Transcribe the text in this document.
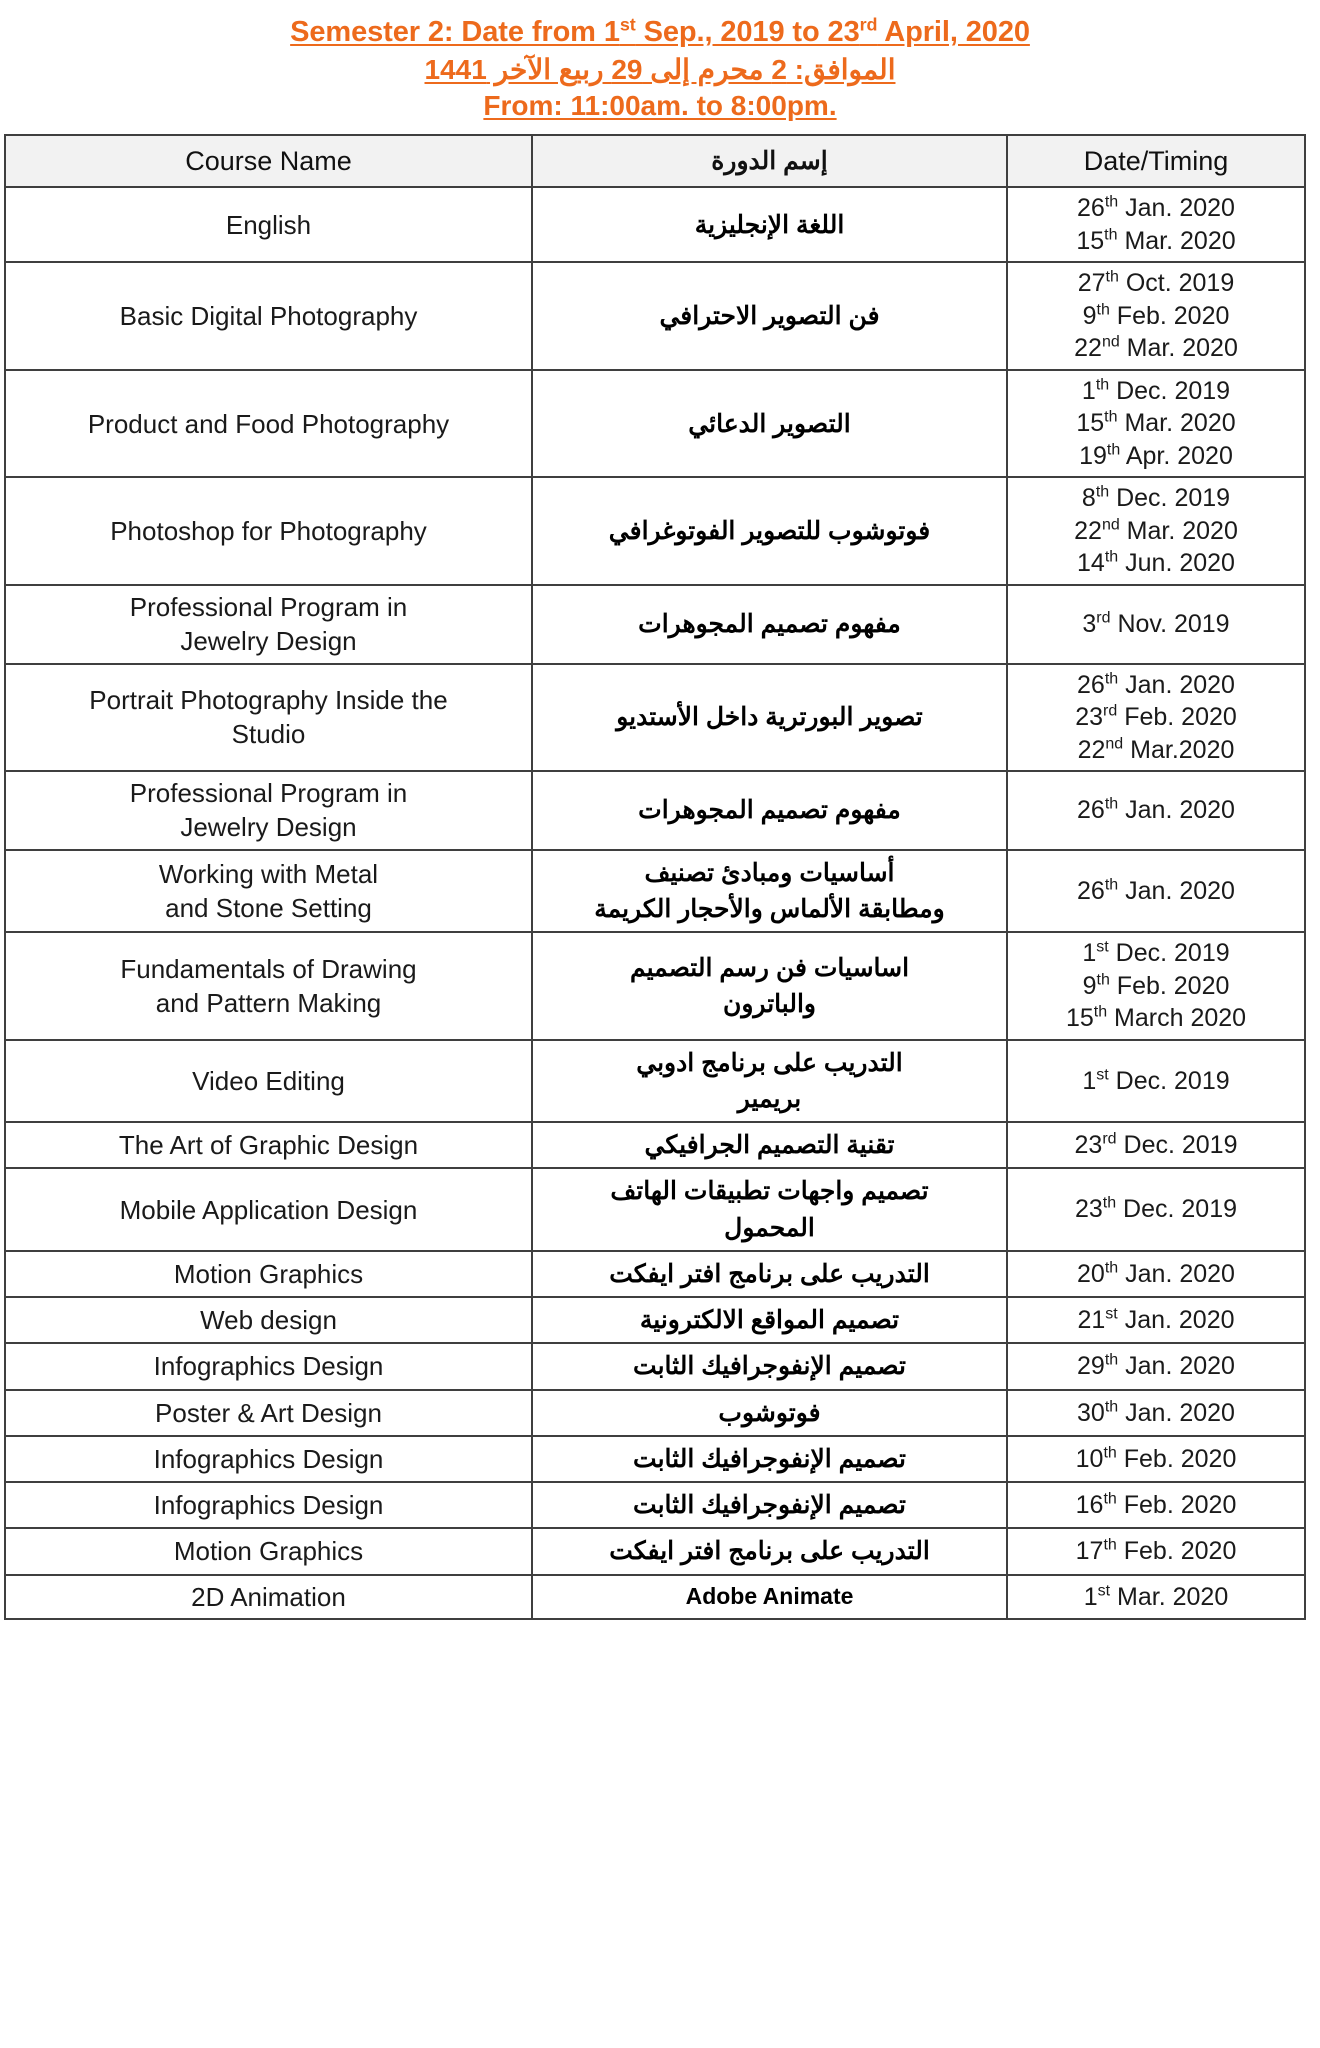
Semester 2: Date from 1st Sep., 2019 to 23rd April, 2020
الموافق: 2 محرم إلى 29 ربيع الآخر 1441
From: 11:00am. to 8:00pm.
Course Name	إسم الدورة	Date/Timing
English	اللغة الإنجليزية	26th Jan. 2020
15th Mar. 2020

Basic Digital Photography	فن التصوير الاحترافي	27th Oct. 2019
9th Feb. 2020
22nd Mar. 2020

Product and Food Photography	التصوير الدعائي	1th Dec. 2019
15th Mar. 2020
19th Apr. 2020

Photoshop for Photography	فوتوشوب للتصوير الفوتوغرافي	8th Dec. 2019
22nd Mar. 2020
14th Jun. 2020

Professional Program in
Jewelry Design	مفهوم تصميم المجوهرات	3rd Nov. 2019

Portrait Photography Inside the
Studio	تصوير البورترية داخل الأستديو	
26th Jan. 2020
23rd Feb. 2020
22nd Mar.2020

Professional Program in
Jewelry Design	مفهوم تصميم المجوهرات	26th Jan. 2020

Working with Metal
and Stone Setting	أساسيات ومبادئ تصنيف
ومطابقة الألماس والأحجار الكريمة	26th Jan. 2020

Fundamentals of Drawing
and Pattern Making	اساسيات فن رسم التصميم
والباترون	
1st Dec. 2019
9th Feb. 2020
15th March 2020

Video Editing	التدريب على برنامج ادوبي
بريمير	1st Dec. 2019

The Art of Graphic Design	تقنية التصميم الجرافيكي	23rd Dec. 2019

Mobile Application Design	تصميم واجهات تطبيقات الهاتف
المحمول	23th Dec. 2019

Motion Graphics	التدريب على برنامج افتر ايفكت	20th Jan. 2020

Web design	تصميم المواقع الالكترونية	21st Jan. 2020

Infographics Design	تصميم الإنفوجرافيك الثابت	29th Jan. 2020

Poster & Art Design	فوتوشوب	30th Jan. 2020

Infographics Design	تصميم الإنفوجرافيك الثابت	10th Feb. 2020

Infographics Design	تصميم الإنفوجرافيك الثابت	16th Feb. 2020

Motion Graphics	التدريب على برنامج افتر ايفكت	17th Feb. 2020

2D Animation	Adobe Animate	1st Mar. 2020
